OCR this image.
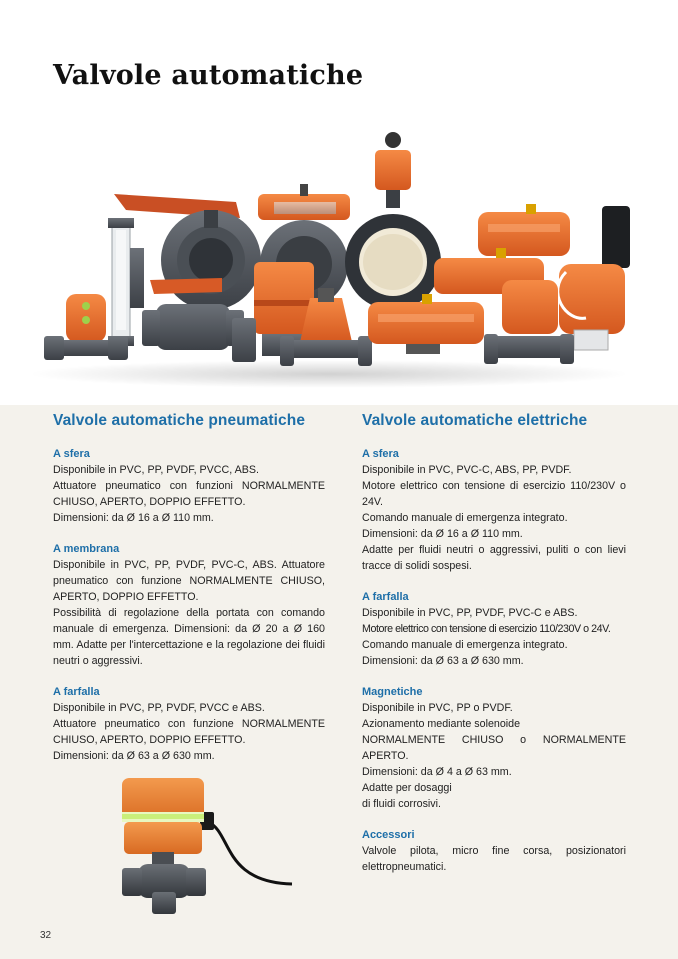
Valvole automatiche
Valvole automatiche pneumatiche
A sfera

Disponibile in PVC, PP, PVDF, PVCC, ABS.

Attuatore pneumatico con funzioni NORMALMENTE CHIUSO, APERTO, DOPPIO EFFETTO.

Dimensioni: da Ø 16 a Ø 110 mm.

A membrana

Disponibile in PVC, PP, PVDF, PVC-C, ABS. Attuatore pneumatico con funzione NORMALMENTE CHIUSO, APERTO, DOPPIO EFFETTO.

Possibilità di regolazione della portata con comando manuale di emergenza. Dimensioni: da Ø 20 a Ø 160 mm. Adatte per l'intercettazione e la regolazione dei fluidi neutri o aggressivi.

A farfalla

Disponibile in PVC, PP, PVDF, PVCC e ABS.

Attuatore pneumatico con funzione NORMALMENTE CHIUSO, APERTO, DOPPIO EFFETTO.

Dimensioni: da Ø 63 a Ø 630 mm.

Valvole automatiche elettriche
A sfera

Disponibile in PVC, PVC-C, ABS, PP, PVDF.

Motore elettrico con tensione di esercizio 110/230V o 24V.

Comando manuale di emergenza integrato.

Dimensioni: da Ø 16 a Ø 110 mm.

Adatte per fluidi neutri o aggressivi, puliti o con lievi tracce di solidi sospesi.

A farfalla

Disponibile in PVC, PP, PVDF, PVC-C e ABS.

Motore elettrico con tensione di esercizio 110/230V o 24V.

Comando manuale di emergenza integrato.

Dimensioni: da Ø 63 a Ø 630 mm.

Magnetiche

Disponibile in PVC, PP o PVDF.

Azionamento mediante solenoide

NORMALMENTE CHIUSO o NORMALMENTE APERTO.

Dimensioni: da Ø 4 a Ø 63 mm.

Adatte per dosaggi

di fluidi corrosivi.

Accessori

Valvole pilota, micro fine corsa, posizionatori elettropneumatici.

32
